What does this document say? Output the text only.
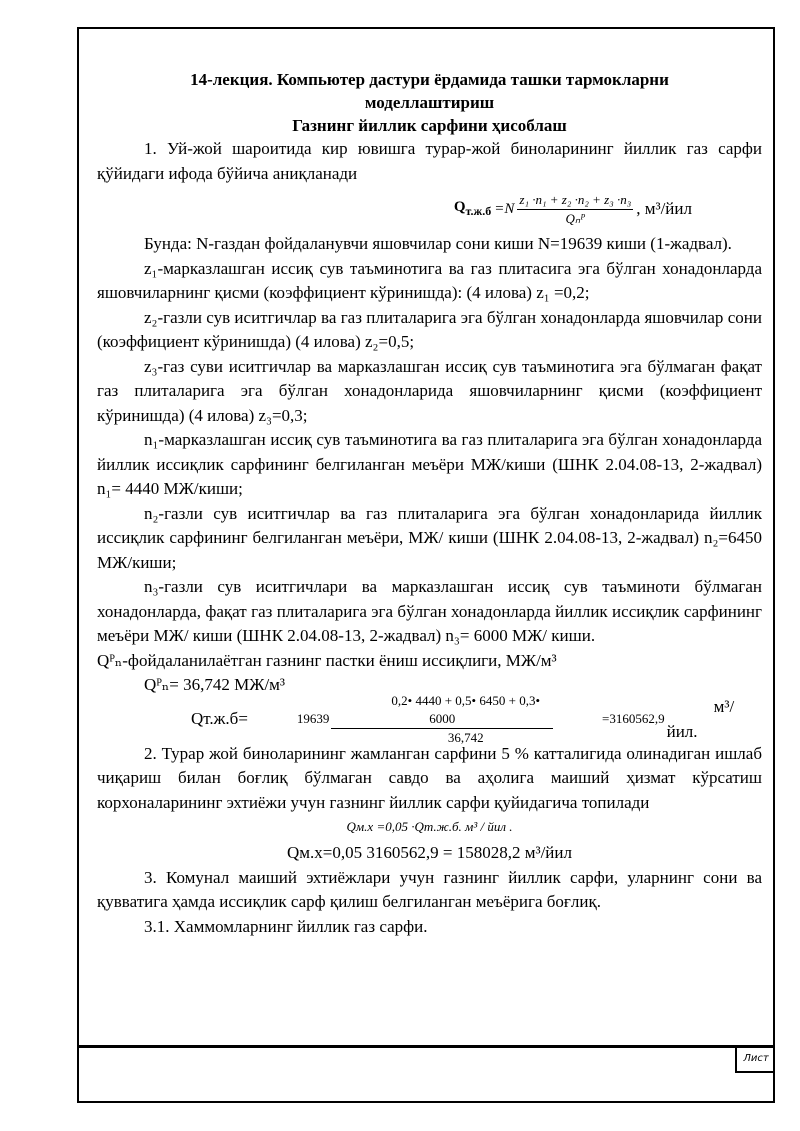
Лист
14-лекция. Компьютер дастури ёрдамида ташки тармокларни
моделлаштириш
Газнинг йиллик сарфини ҳисоблаш

1. Уй-жой шароитида кир ювишга турар-жой биноларининг йиллик газ сарфи қўйидаги ифода бўйича аниқланади

$Q_{т.ж.б} =N \frac{\text{z₁ ·n₁ + z₂ ·n₂ + z₃ ·n₃}}{\text{Qₙᴾ}}$ , м³/йил

Бунда: N-газдан фойдаланувчи яшовчилар сони киши N=19639 киши (1-жадвал).

z₁-марказлашган иссиқ сув таъминотига ва газ плитасига эга бўлган хонадонларда яшовчиларнинг қисми (коэффициент кўринишда): (4 илова) z₁ =0,2;

z₂-газли сув иситгичлар ва газ плиталарига эга бўлган хонадонларда яшовчилар сони (коэффициент кўринишда) (4 илова) z₂=0,5;

z₃-газ суви иситгичлар ва марказлашган иссиқ сув таъминотига эга бўлмаган фақат газ плиталарига эга бўлган хонадонларида яшовчиларнинг қисми (коэффициент кўринишда) (4 илова) z₃=0,3;

n₁-марказлашган иссиқ сув таъминотига ва газ плиталарига эга бўлган хонадонларда йиллик иссиқлик сарфининг белгиланган меъёри МЖ/киши (ШНК 2.04.08-13, 2-жадвал) n₁= 4440 МЖ/киши;

n₂-газли сув иситгичлар ва газ плиталарига эга бўлган хонадонларида йиллик иссиқлик сарфининг белгиланган меъёри, МЖ/ киши (ШНК 2.04.08-13, 2-жадвал) n₂=6450 МЖ/киши;

n₃-газли сув иситгичлари ва марказлашган иссиқ сув таъминоти бўлмаган хонадонларда, фақат газ плиталарига эга бўлган хонадонларда йиллик иссиқлик сарфининг меъёри МЖ/ киши (ШНК 2.04.08-13, 2-жадвал) n₃= 6000 МЖ/ киши.

Qᴾₙ-фойдаланилаётган газнинг пастки ёниш иссиқлиги, МЖ/м³

Qᴾₙ= 36,742 МЖ/м³

Qт.ж.б=	$19639 \frac{0,2• 4440 + 0,5• 6450 + 0,3• 6000}{36,742}$	=3160562,9
м³/йил.

2. Турар жой биноларининг жамланган сарфини 5 % катталигида олинадиган ишлаб чиқариш билан боғлиқ бўлмаган савдо ва аҳолига маиший ҳизмат кўрсатиш корхоналарининг эхтиёжи учун газнинг йиллик сарфи қуйидагича топилади

Qм.х =0,05 ·Qт.ж.б. м³ / йил .
Qм.х=0,05 3160562,9 = 158028,2 м³/йил

3. Комунал маиший эхтиёжлари учун газнинг йиллик сарфи, уларнинг сони ва қувватига ҳамда иссиқлик сарф қилиш белгиланган меъёрига боғлиқ.

3.1. Хаммомларнинг йиллик газ сарфи.
